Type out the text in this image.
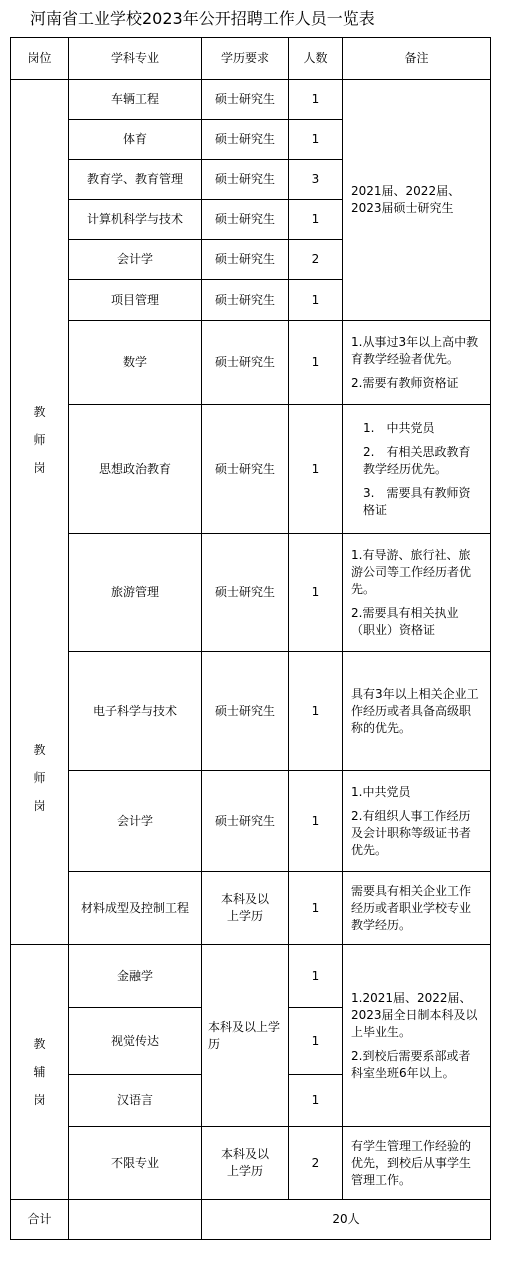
河南省工业学校2023年公开招聘工作人员一览表
岗位	学科专业	学历要求	人数	备注

教师岗
教师岗	车辆工程	硕士研究生	1	2021届、2022届、2023届硕士研究生

	体育	硕士研究生	1	
	教育学、教育管理	硕士研究生	3	
	计算机科学与技术	硕士研究生	1	
	会计学	硕士研究生	2	
	项目管理	硕士研究生	1	
	数学	硕士研究生	1	1.从事过3年以上高中教育教学经验者优先。

2.需要有教师资格证

	思想政治教育	硕士研究生	1	1.　中共党员

2.　有相关思政教育教学经历优先。

3.　需要具有教师资格证

	旅游管理	硕士研究生	1	1.有导游、旅行社、旅游公司等工作经历者优先。

2.需要具有相关执业（职业）资格证

	电子科学与技术	硕士研究生	1	具有3年以上相关企业工作经历或者具备高级职称的优先。

	会计学	硕士研究生	1	1.中共党员

2.有组织人事工作经历及会计职称等级证书者优先。

	材料成型及控制工程	本科及以上学历	1	需要具有相关企业工作经历或者职业学校专业教学经历。

教辅岗	金融学	本科及以上学历	1	1.2021届、2022届、2023届全日制本科及以上毕业生。

2.到校后需要系部或者科室坐班6年以上。

	视觉传达		1	
	汉语言		1	
	不限专业	本科及以上学历	2	有学生管理工作经验的优先，到校后从事学生管理工作。

合计		20人		
